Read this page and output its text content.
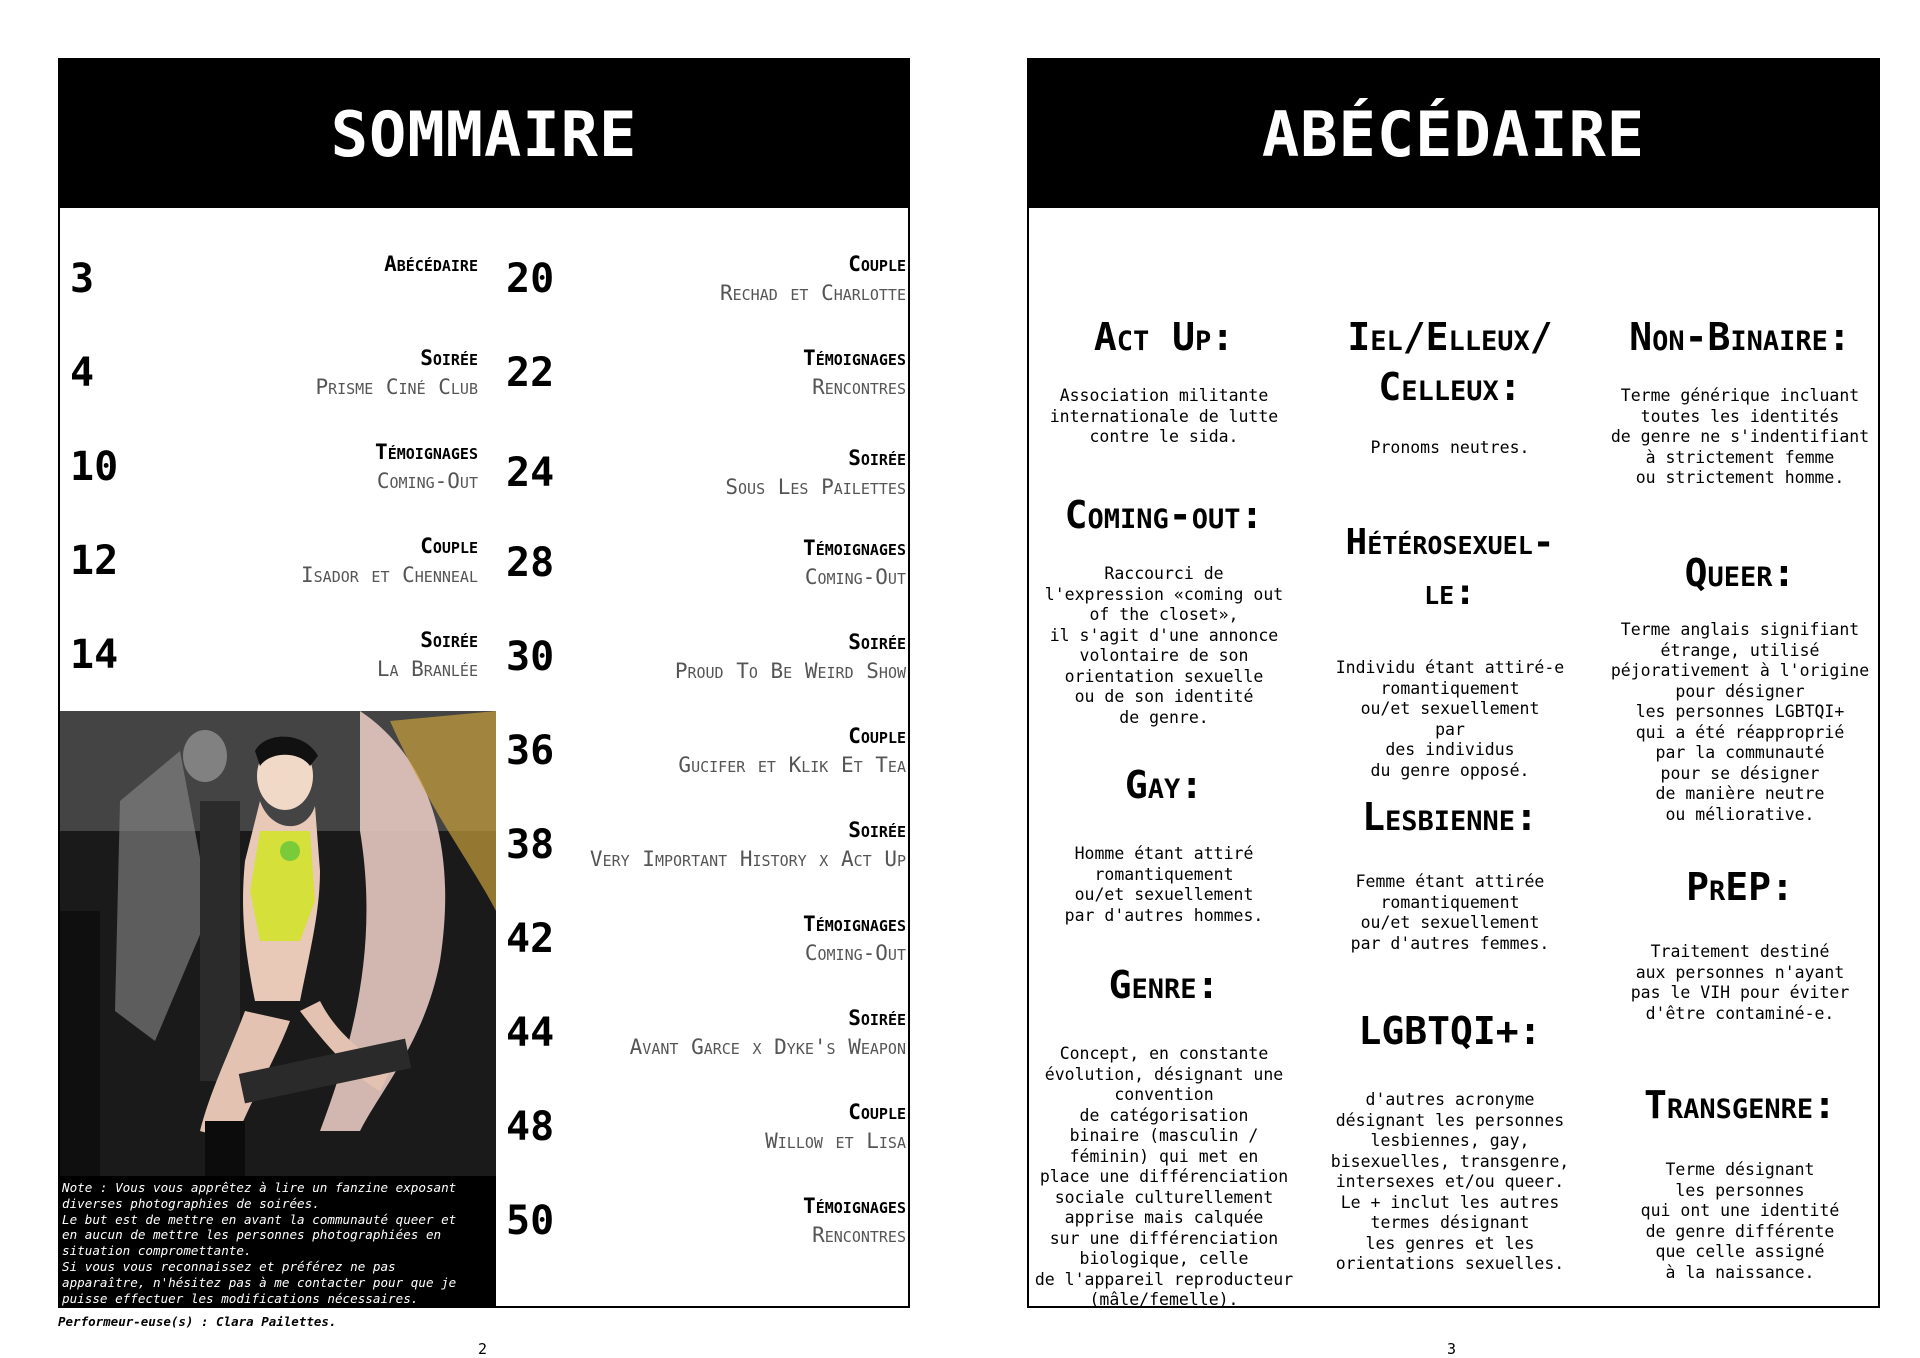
SOMMAIRE
3	Abécédaire
4	Soirée
Prisme Ciné Club
10	Témoignages
Coming-Out
12	Couple
Isador et Chenneal
14	Soirée
La Branlée
20	Couple
Rechad et Charlotte
22	Témoignages
Rencontres
24	Soirée
Sous Les Pailettes
28	Témoignages
Coming-Out
30	Soirée
Proud To Be Weird Show
36	Couple
Gucifer et Klik Et Tea
38	Soirée
Very Important History x Act Up
42	Témoignages
Coming-Out
44	Soirée
Avant Garce x Dyke's Weapon
48	Couple
Willow et Lisa
50	Témoignages
Rencontres
Note : Vous vous apprêtez à lire un fanzine exposant
diverses photographies de soirées.
Le but est de mettre en avant la communauté queer et
en aucun de mettre les personnes photographiées en
situation compromettante.
Si vous vous reconnaissez et préférez ne pas
apparaître, n'hésitez pas à me contacter pour que je
puisse effectuer les modifications nécessaires.
Performeur-euse(s) : Clara Pailettes.
2
ABÉCÉDAIRE
Act Up:
Association militante
internationale de lutte
contre le sida.
Coming-out:
Raccourci de
l'expression «coming out
of the closet»,
il s'agit d'une annonce
volontaire de son
orientation sexuelle
ou de son identité
de genre.
Gay:
Homme étant attiré
romantiquement
ou/et sexuellement
par d'autres hommes.
Genre:
Concept, en constante
évolution, désignant une
convention
de catégorisation
binaire (masculin /
féminin) qui met en
place une différenciation
sociale culturellement
apprise mais calquée
sur une différenciation
biologique, celle
de l'appareil reproducteur
(mâle/femelle).
Iel/Elleux/
Celleux:
Pronoms neutres.
Hétérosexuel-
le:
Individu étant attiré-e
romantiquement
ou/et sexuellement
par
des individus
du genre opposé.
Lesbienne:
Femme étant attirée
romantiquement
ou/et sexuellement
par d'autres femmes.
LGBTQI+:
d'autres acronyme
désignant les personnes
lesbiennes, gay,
bisexuelles, transgenre,
intersexes et/ou queer.
Le + inclut les autres
termes désignant
les genres et les
orientations sexuelles.
Non-Binaire:
Terme générique incluant
toutes les identités
de genre ne s'indentifiant
à strictement femme
ou strictement homme.
Queer:
Terme anglais signifiant
étrange, utilisé
péjorativement à l'origine
pour désigner
les personnes LGBTQI+
qui a été réapproprié
par la communauté
pour se désigner
de manière neutre
ou méliorative.
PrEP:
Traitement destiné
aux personnes n'ayant
pas le VIH pour éviter
d'être contaminé-e.
Transgenre:
Terme désignant
les personnes
qui ont une identité
de genre différente
que celle assigné
à la naissance.
3
